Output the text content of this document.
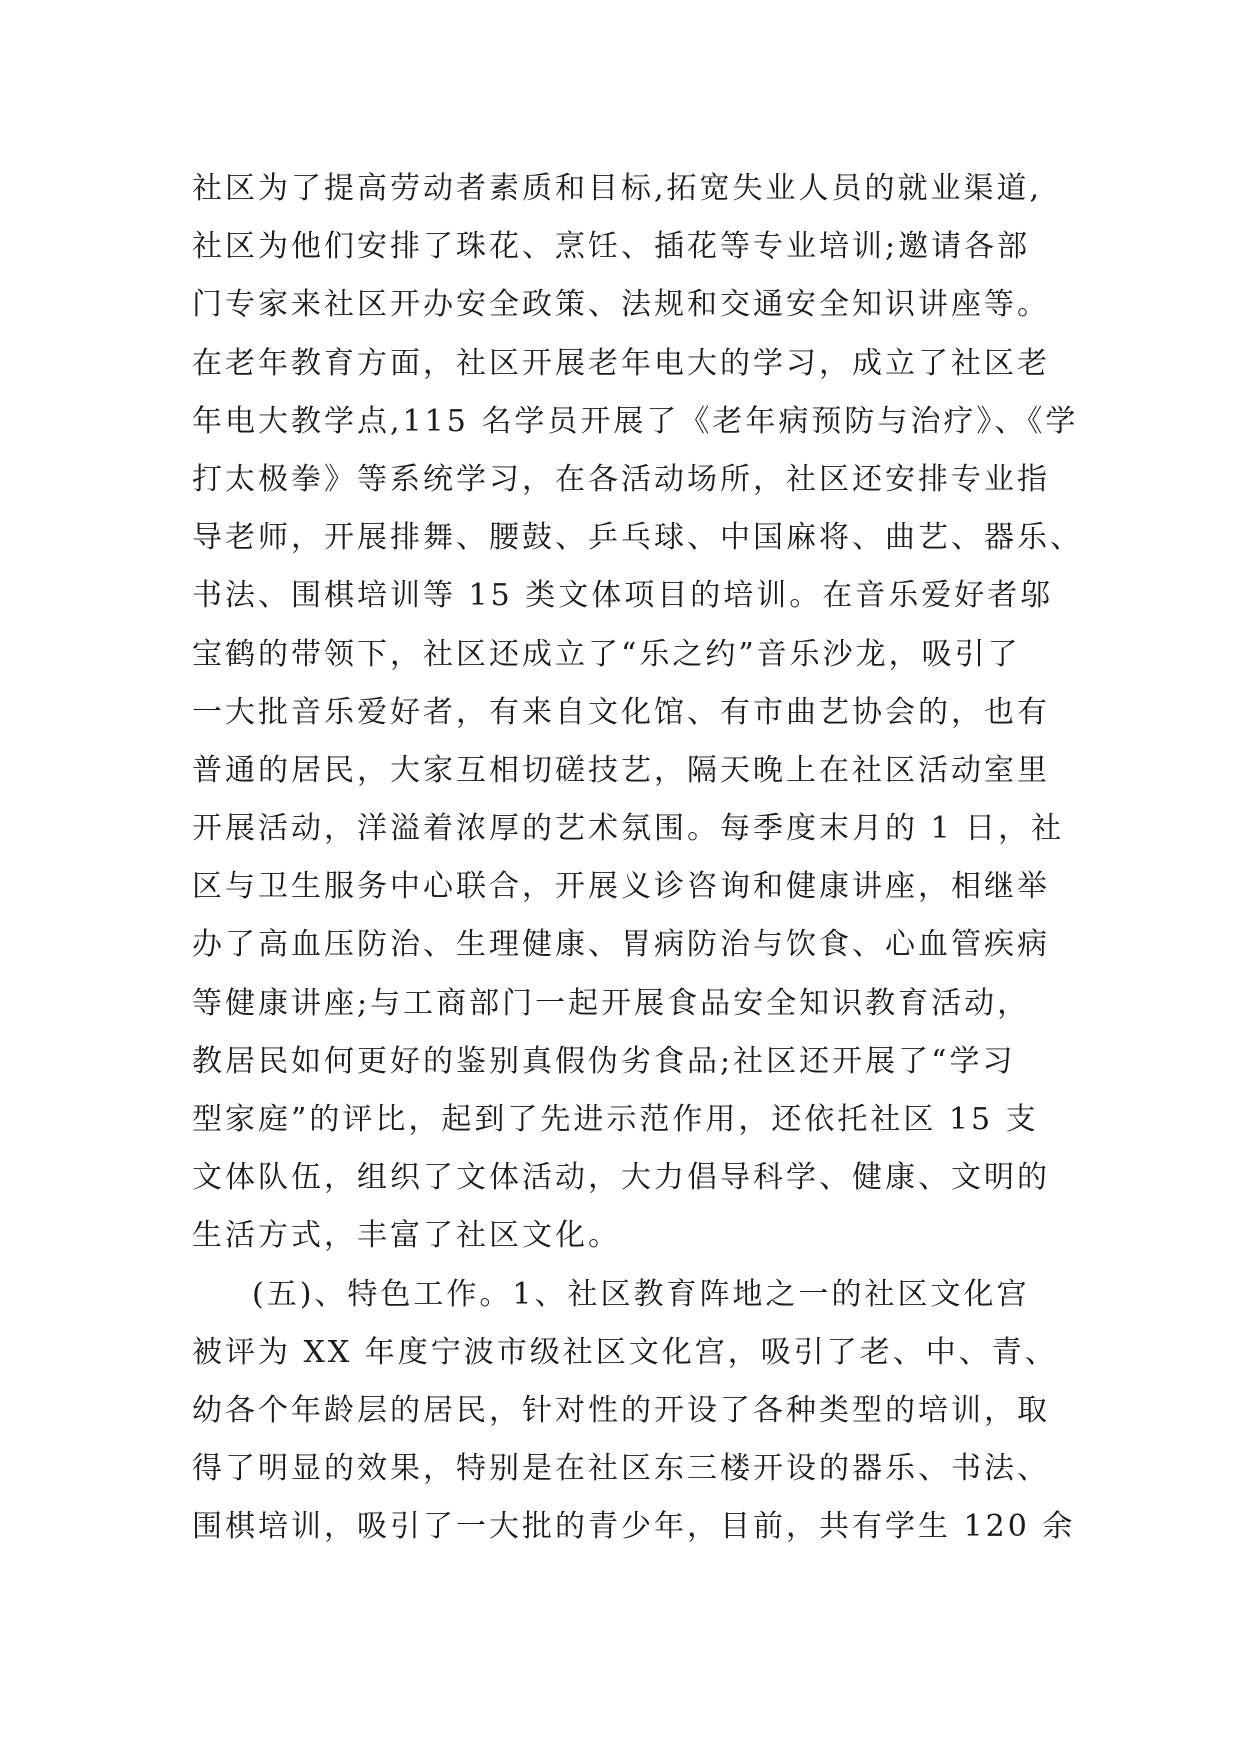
社区为了提高劳动者素质和目标,拓宽失业人员的就业渠道,
社区为他们安排了珠花、烹饪、插花等专业培训;邀请各部
门专家来社区开办安全政策、法规和交通安全知识讲座等。
在老年教育方面，社区开展老年电大的学习，成立了社区老
年电大教学点,115 名学员开展了《老年病预防与治疗》、《学
打太极拳》等系统学习，在各活动场所，社区还安排专业指
导老师，开展排舞、腰鼓、乒乓球、中国麻将、曲艺、器乐、
书法、围棋培训等 15 类文体项目的培训。在音乐爱好者邬
宝鹤的带领下，社区还成立了“乐之约”音乐沙龙，吸引了
一大批音乐爱好者，有来自文化馆、有市曲艺协会的，也有
普通的居民，大家互相切磋技艺，隔天晚上在社区活动室里
开展活动，洋溢着浓厚的艺术氛围。每季度末月的 1 日，社
区与卫生服务中心联合，开展义诊咨询和健康讲座，相继举
办了高血压防治、生理健康、胃病防治与饮食、心血管疾病
等健康讲座;与工商部门一起开展食品安全知识教育活动，
教居民如何更好的鉴别真假伪劣食品;社区还开展了“学习
型家庭”的评比，起到了先进示范作用，还依托社区 15 支
文体队伍，组织了文体活动，大力倡导科学、健康、文明的
生活方式，丰富了社区文化。
(五)、特色工作。1、社区教育阵地之一的社区文化宫
被评为 XX 年度宁波市级社区文化宫，吸引了老、中、青、
幼各个年龄层的居民，针对性的开设了各种类型的培训，取
得了明显的效果，特别是在社区东三楼开设的器乐、书法、
围棋培训，吸引了一大批的青少年，目前，共有学生 120 余
